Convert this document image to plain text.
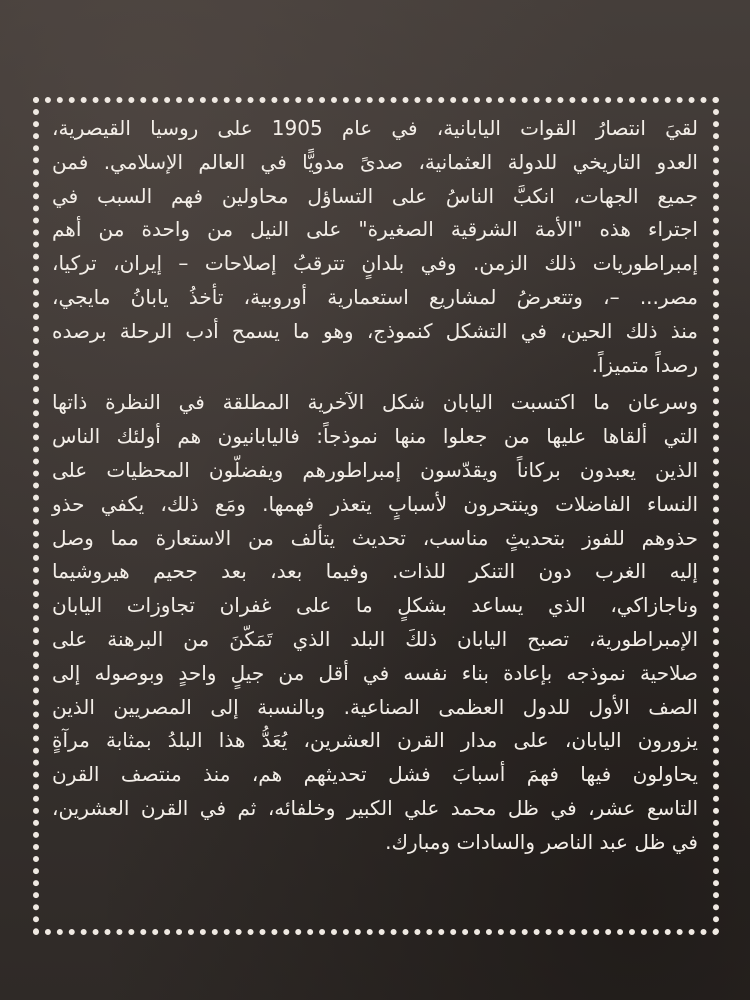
لقيَ انتصارُ القوات اليابانية، في عام 1905 على روسيا القيصرية،
العدو التاريخي للدولة العثمانية، صدىً مدويًّا في العالم الإسلامي. فمن
جميع الجهات، انكبَّ الناسُ على التساؤل محاولين فهم السبب في
اجتراء هذه "الأمة الشرقية الصغيرة" على النيل من واحدة من أهم
إمبراطوريات ذلك الزمن. وفي بلدانٍ تترقبُ إصلاحات – إيران، تركيا،
مصر... –، وتتعرضُ لمشاريع استعمارية أوروبية، تأخذُ يابانُ مايجي،
منذ ذلك الحين، في التشكل كنموذج، وهو ما يسمح أدب الرحلة برصده
رصداً متميزاً.

وسرعان ما اكتسبت اليابان شكل الآخرية المطلقة في النظرة ذاتها
التي ألقاها عليها من جعلوا منها نموذجاً: فاليابانيون هم أولئك الناس
الذين يعبدون بركاناً ويقدّسون إمبراطورهم ويفضلّون المحظيات على
النساء الفاضلات وينتحرون لأسبابٍ يتعذر فهمها. ومَع ذلك، يكفي حذو
حذوهم للفوز بتحديثٍ مناسب، تحديث يتألف من الاستعارة مما وصل
إليه الغرب دون التنكر للذات. وفيما بعد، بعد جحيم هيروشيما
وناجازاكي، الذي يساعد بشكلٍ ما على غفران تجاوزات اليابان
الإمبراطورية، تصبح اليابان ذلكَ البلد الذي تَمَكّنَ من البرهنة على
صلاحية نموذجه بإعادة بناء نفسه في أقل من جيلٍ واحدٍ وبوصوله إلى
الصف الأول للدول العظمى الصناعية. وبالنسبة إلى المصريين الذين
يزورون اليابان، على مدار القرن العشرين، يُعَدُّ هذا البلدُ بمثابة مرآةٍ
يحاولون فيها فهمَ أسبابَ فشل تحديثهم هم، منذ منتصف القرن
التاسع عشر، في ظل محمد علي الكبير وخلفائه، ثم في القرن العشرين،
في ظل عبد الناصر والسادات ومبارك.
